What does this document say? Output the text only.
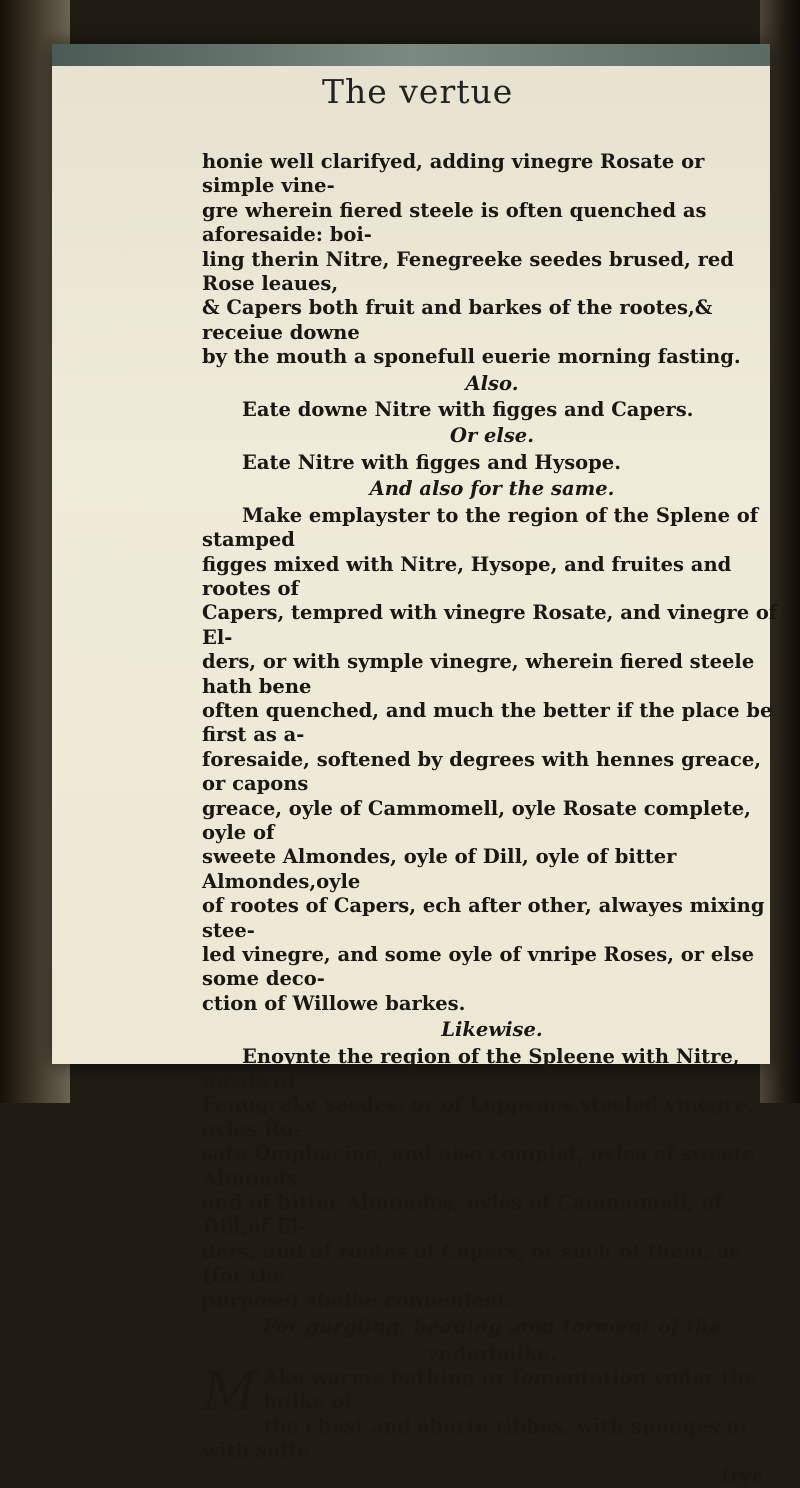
The vertue

honie well clarifyed, adding vinegre Rosate or simple vine-

gre wherein fiered steele is often quenched as aforesaide: boi-

ling therin Nitre, Fenegreeke seedes brused, red Rose leaues,

& Capers both fruit and barkes of the rootes,& receiue downe

by the mouth a sponefull euerie morning fasting.

Also.

Eate downe Nitre with figges and Capers.

Or else.

Eate Nitre with figges and Hysope.

And also for the same.

Make emplayster to the region of the Splene of stamped

figges mixed with Nitre, Hysope, and fruites and rootes of

Capers, tempred with vinegre Rosate, and vinegre of El-

ders, or with symple vinegre, wherein fiered steele hath bene

often quenched, and much the better if the place be first as a-

foresaide, softened by degrees with hennes greace, or capons

greace, oyle of Cammomell, oyle Rosate complete, oyle of

sweete Almondes, oyle of Dill, oyle of bitter Almondes,oyle

of rootes of Capers, ech after other, alwayes mixing stee-

led vinegre, and some oyle of vnripe Roses, or else some deco-

ction of Willowe barkes.

Likewise.

Enoynte the region of the Spleene with Nitre, meale of

Fenugreke seedes, or of Luppynes,steeled vinegre, oyles Ro-

sate Omphacine, and also complet, oyles of sweete Almonds

and of bitter Almondes, oyles of Cammomell, of Dill,of El-

ders, and of rootes of Capers, or such of them, as (for the

purpose) shalbe conuenient.

For gurgling, heauing ,and torment of the

vnderbulke.

M Ake warme bathing or fomentation vnder the bulke of

the chest and shorte ribbes, with sponges or with softe

frye
